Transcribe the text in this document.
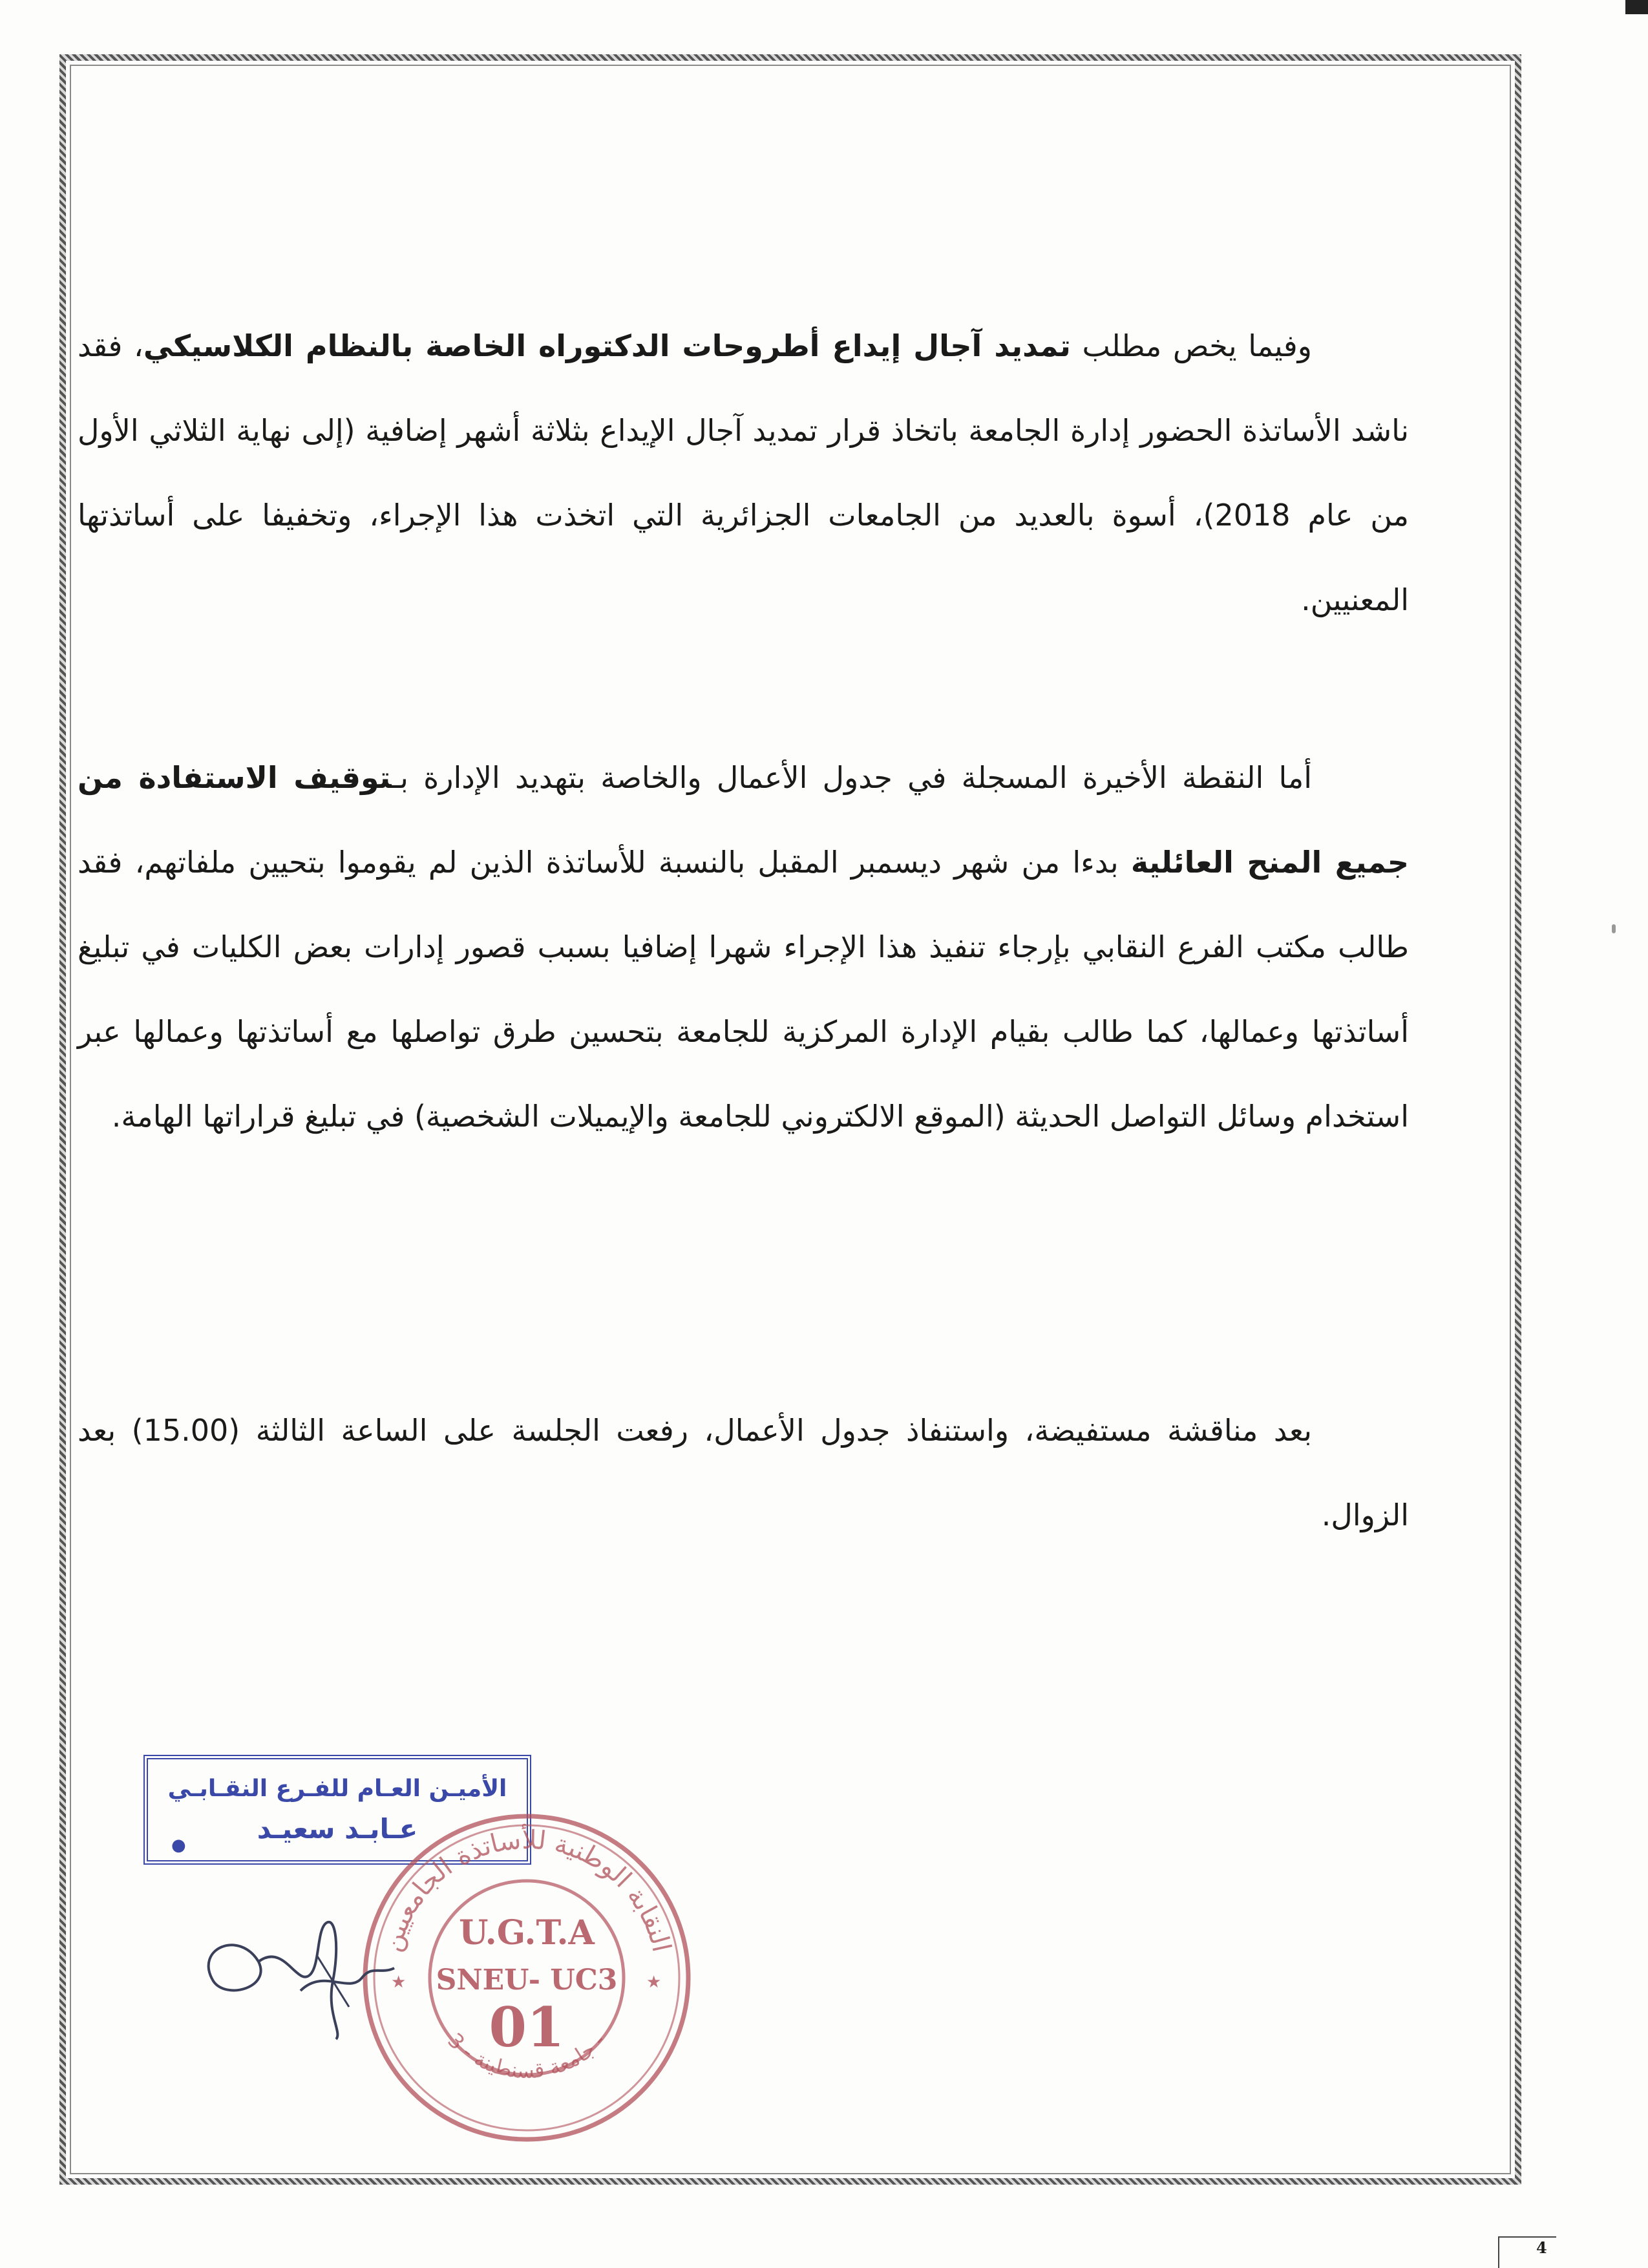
وفيما يخص مطلب تمديد آجال إيداع أطروحات الدكتوراه الخاصة بالنظام الكلاسيكي، فقد ناشد الأساتذة الحضور إدارة الجامعة باتخاذ قرار تمديد آجال الإيداع بثلاثة أشهر إضافية (إلى نهاية الثلاثي الأول من عام 2018)، أسوة بالعديد من الجامعات الجزائرية التي اتخذت هذا الإجراء، وتخفيفا على أساتذتها المعنيين.

أما النقطة الأخيرة المسجلة في جدول الأعمال والخاصة بتهديد الإدارة بـتوقيف الاستفادة من جميع المنح العائلية بدءا من شهر ديسمبر المقبل بالنسبة للأساتذة الذين لم يقوموا بتحيين ملفاتهم، فقد طالب مكتب الفرع النقابي بإرجاء تنفيذ هذا الإجراء شهرا إضافيا بسبب قصور إدارات بعض الكليات في تبليغ أساتذتها وعمالها، كما طالب بقيام الإدارة المركزية للجامعة بتحسين طرق تواصلها مع أساتذتها وعمالها عبر استخدام وسائل التواصل الحديثة (الموقع الالكتروني للجامعة والإيميلات الشخصية) في تبليغ قراراتها الهامة.

بعد مناقشة مستفيضة، واستنفاذ جدول الأعمال، رفعت الجلسة على الساعة الثالثة (15.00) بعد الزوال.

الأميـن العـام للفـرع النقـابـي
عـابـد سعيـد
●
النقابة الوطنية للأساتذة الجامعيين
جامعة قسنطينة - 3 -
★	★
U.G.T.A
SNEU- UC3
01
4
